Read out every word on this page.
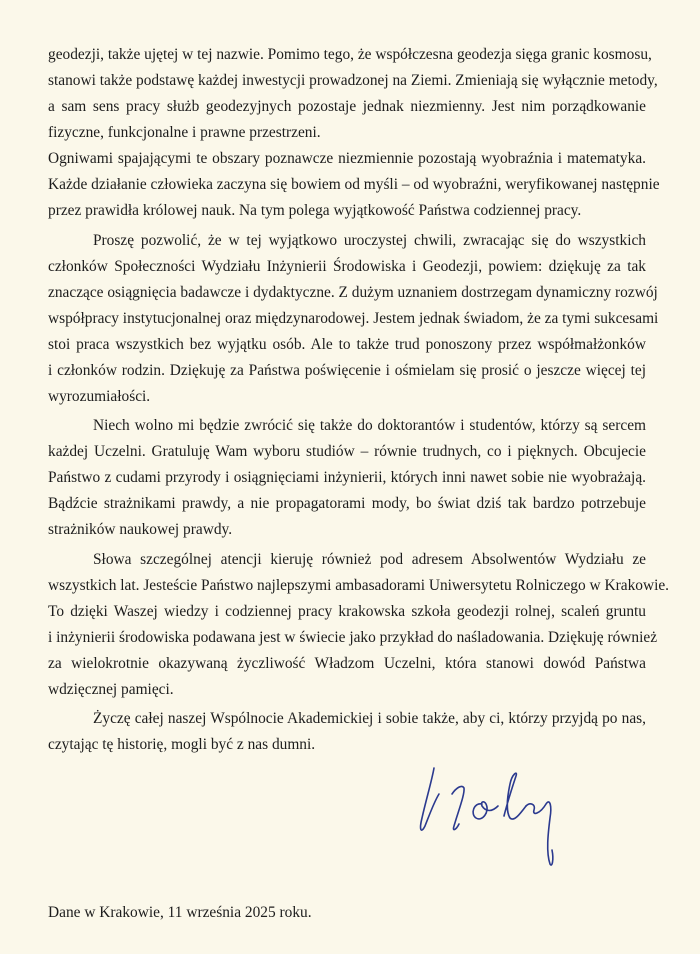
geodezji, także ujętej w tej nazwie. Pomimo tego, że współczesna geodezja sięga granic kosmosu,
stanowi także podstawę każdej inwestycji prowadzonej na Ziemi. Zmieniają się wyłącznie metody,
a sam sens pracy służb geodezyjnych pozostaje jednak niezmienny. Jest nim porządkowanie
fizyczne, funkcjonalne i prawne przestrzeni.
Ogniwami spajającymi te obszary poznawcze niezmiennie pozostają wyobraźnia i matematyka.
Każde działanie człowieka zaczyna się bowiem od myśli – od wyobraźni, weryfikowanej następnie
przez prawidła królowej nauk. Na tym polega wyjątkowość Państwa codziennej pracy.
Proszę pozwolić, że w tej wyjątkowo uroczystej chwili, zwracając się do wszystkich
członków Społeczności Wydziału Inżynierii Środowiska i Geodezji, powiem: dziękuję za tak
znaczące osiągnięcia badawcze i dydaktyczne. Z dużym uznaniem dostrzegam dynamiczny rozwój
współpracy instytucjonalnej oraz międzynarodowej. Jestem jednak świadom, że za tymi sukcesami
stoi praca wszystkich bez wyjątku osób. Ale to także trud ponoszony przez współmałżonków
i członków rodzin. Dziękuję za Państwa poświęcenie i ośmielam się prosić o jeszcze więcej tej
wyrozumiałości.
Niech wolno mi będzie zwrócić się także do doktorantów i studentów, którzy są sercem
każdej Uczelni. Gratuluję Wam wyboru studiów – równie trudnych, co i pięknych. Obcujecie
Państwo z cudami przyrody i osiągnięciami inżynierii, których inni nawet sobie nie wyobrażają.
Bądźcie strażnikami prawdy, a nie propagatorami mody, bo świat dziś tak bardzo potrzebuje
strażników naukowej prawdy.
Słowa szczególnej atencji kieruję również pod adresem Absolwentów Wydziału ze
wszystkich lat. Jesteście Państwo najlepszymi ambasadorami Uniwersytetu Rolniczego w Krakowie.
To dzięki Waszej wiedzy i codziennej pracy krakowska szkoła geodezji rolnej, scaleń gruntu
i inżynierii środowiska podawana jest w świecie jako przykład do naśladowania. Dziękuję również
za wielokrotnie okazywaną życzliwość Władzom Uczelni, która stanowi dowód Państwa
wdzięcznej pamięci.
Życzę całej naszej Wspólnocie Akademickiej i sobie także, aby ci, którzy przyjdą po nas,
czytając tę historię, mogli być z nas dumni.
Dane w Krakowie, 11 września 2025 roku.
